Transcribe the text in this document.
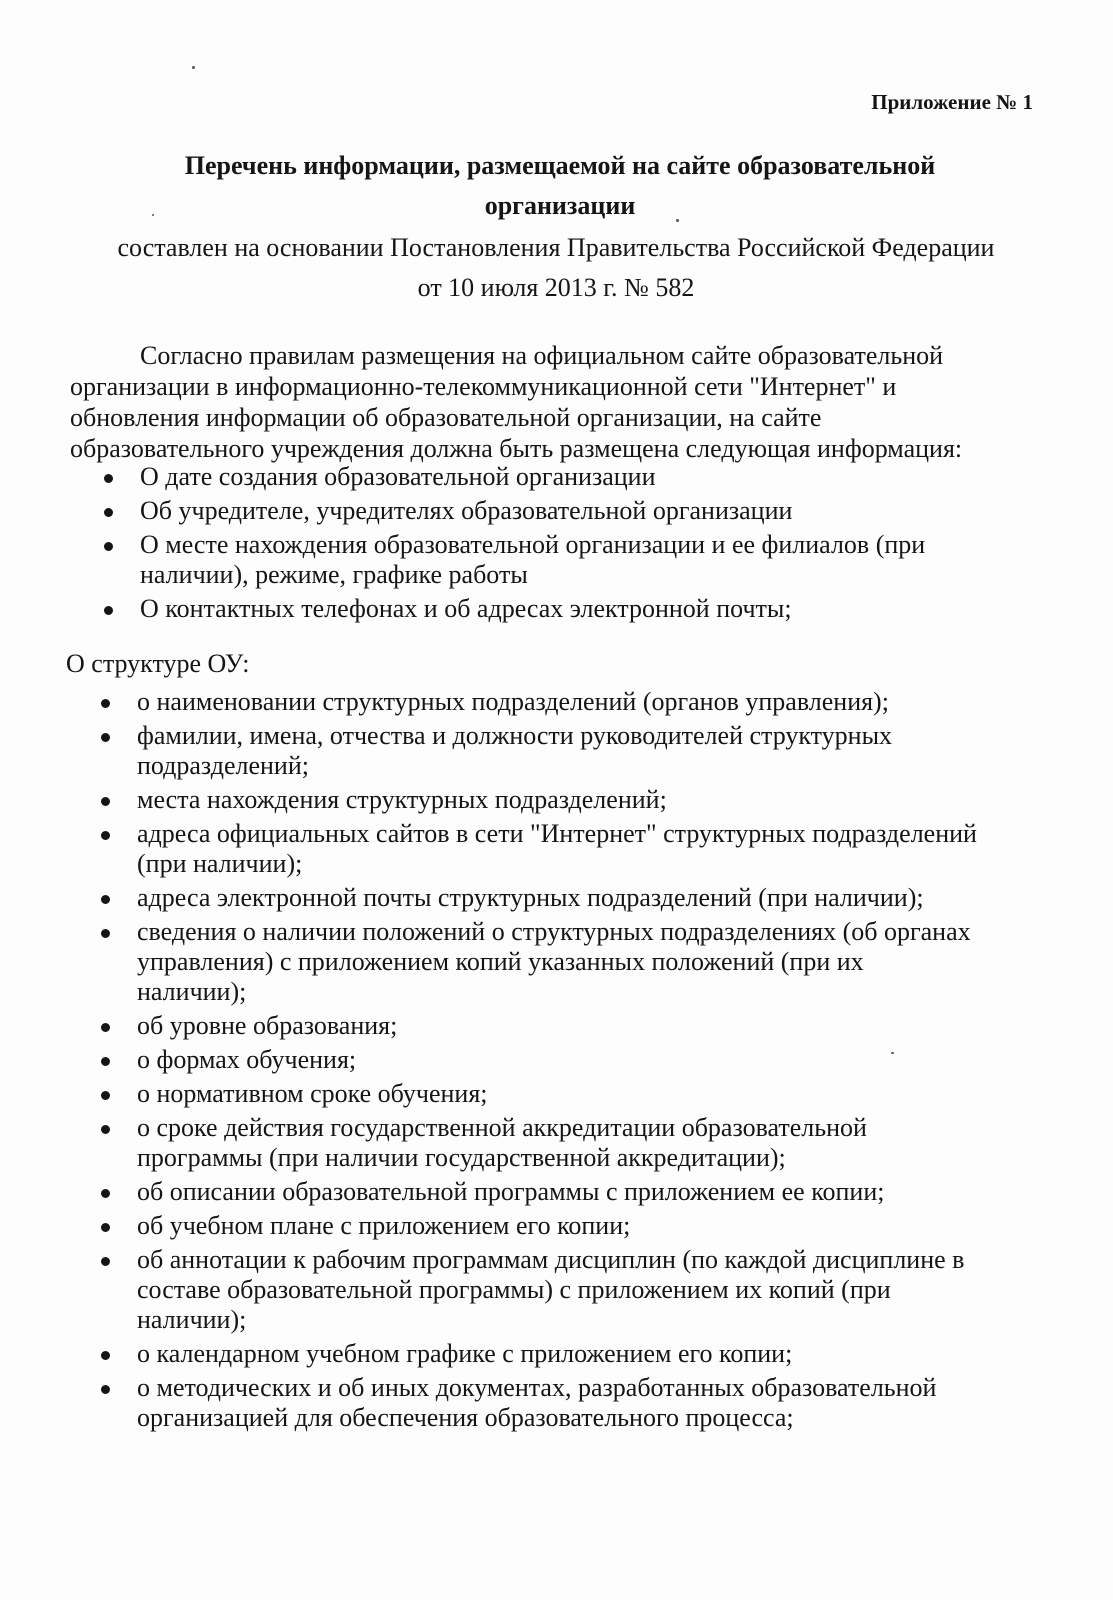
Приложение № 1

Перечень информации, размещаемой на сайте образовательной
организации

составлен на основании Постановления Правительства Российской Федерации

от 10 июля 2013 г. № 582

Согласно правилам размещения на официальном сайте образовательной
организации в информационно-телекоммуникационной сети "Интернет" и
обновления информации об образовательной организации, на сайте
образовательного учреждения должна быть размещена следующая информация:

О дате создания образовательной организации
Об учредителе, учредителях образовательной организации
О месте нахождения образовательной организации и ее филиалов (при
наличии), режиме, графике работы
О контактных телефонах и об адресах электронной почты;

О структуре ОУ:

о наименовании структурных подразделений (органов управления);
фамилии, имена, отчества и должности руководителей структурных
подразделений;
места нахождения структурных подразделений;
адреса официальных сайтов в сети "Интернет" структурных подразделений
(при наличии);
адреса электронной почты структурных подразделений (при наличии);
сведения о наличии положений о структурных подразделениях (об органах
управления) с приложением копий указанных положений (при их
наличии);
об уровне образования;
о формах обучения;
о нормативном сроке обучения;
о сроке действия государственной аккредитации образовательной
программы (при наличии государственной аккредитации);
об описании образовательной программы с приложением ее копии;
об учебном плане с приложением его копии;
об аннотации к рабочим программам дисциплин (по каждой дисциплине в
составе образовательной программы) с приложением их копий (при
наличии);
о календарном учебном графике с приложением его копии;
о методических и об иных документах, разработанных образовательной
организацией для обеспечения образовательного процесса;
